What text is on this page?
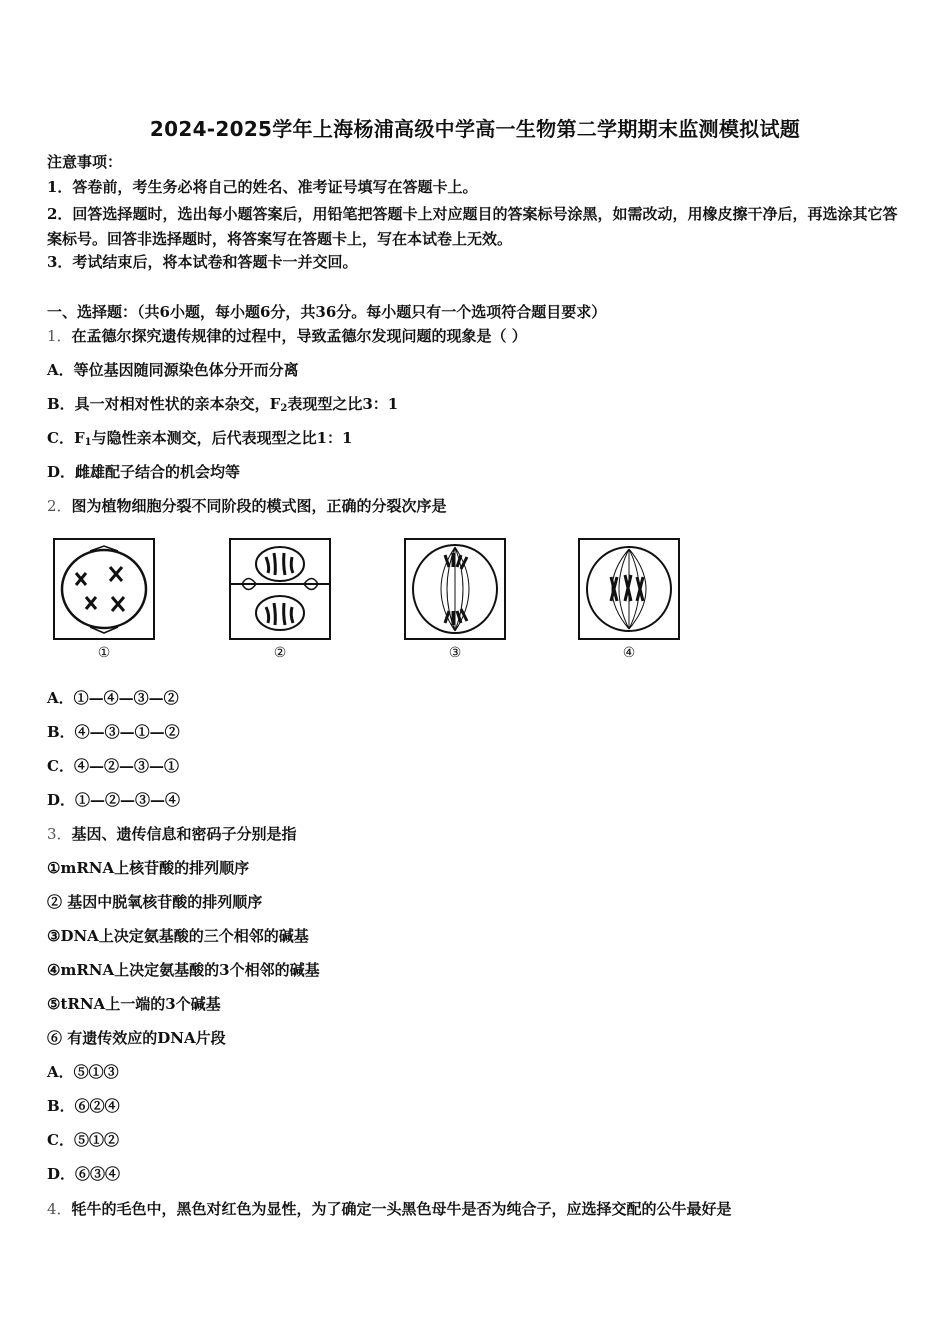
2024-2025学年上海杨浦高级中学高一生物第二学期期末监测模拟试题
注意事项：
1．答卷前，考生务必将自己的姓名、准考证号填写在答题卡上。
2．回答选择题时，选出每小题答案后，用铅笔把答题卡上对应题目的答案标号涂黑，如需改动，用橡皮擦干净后，再选涂其它答案标号。回答非选择题时，将答案写在答题卡上，写在本试卷上无效。
3．考试结束后，将本试卷和答题卡一并交回。
一、选择题：（共6小题，每小题6分，共36分。每小题只有一个选项符合题目要求）
1．在孟德尔探究遗传规律的过程中，导致孟德尔发现问题的现象是（ ）
A．等位基因随同源染色体分开而分离
B．具一对相对性状的亲本杂交，$F_2$表现型之比3：1
C．$F_1$与隐性亲本测交，后代表现型之比1：1
D．雌雄配子结合的机会均等
2．图为植物细胞分裂不同阶段的模式图，正确的分裂次序是
①	②	③	④
A．①—④—③—②
B．④—③—①—②
C．④—②—③—①
D．①—②—③—④
3．基因、遗传信息和密码子分别是指
①mRNA上核苷酸的排列顺序
② 基因中脱氧核苷酸的排列顺序
③DNA上决定氨基酸的三个相邻的碱基
④mRNA上决定氨基酸的3个相邻的碱基
⑤tRNA上一端的3个碱基
⑥ 有遗传效应的DNA片段
A．⑤①③
B．⑥②④
C．⑤①②
D．⑥③④
4．牦牛的毛色中，黑色对红色为显性，为了确定一头黑色母牛是否为纯合子，应选择交配的公牛最好是
